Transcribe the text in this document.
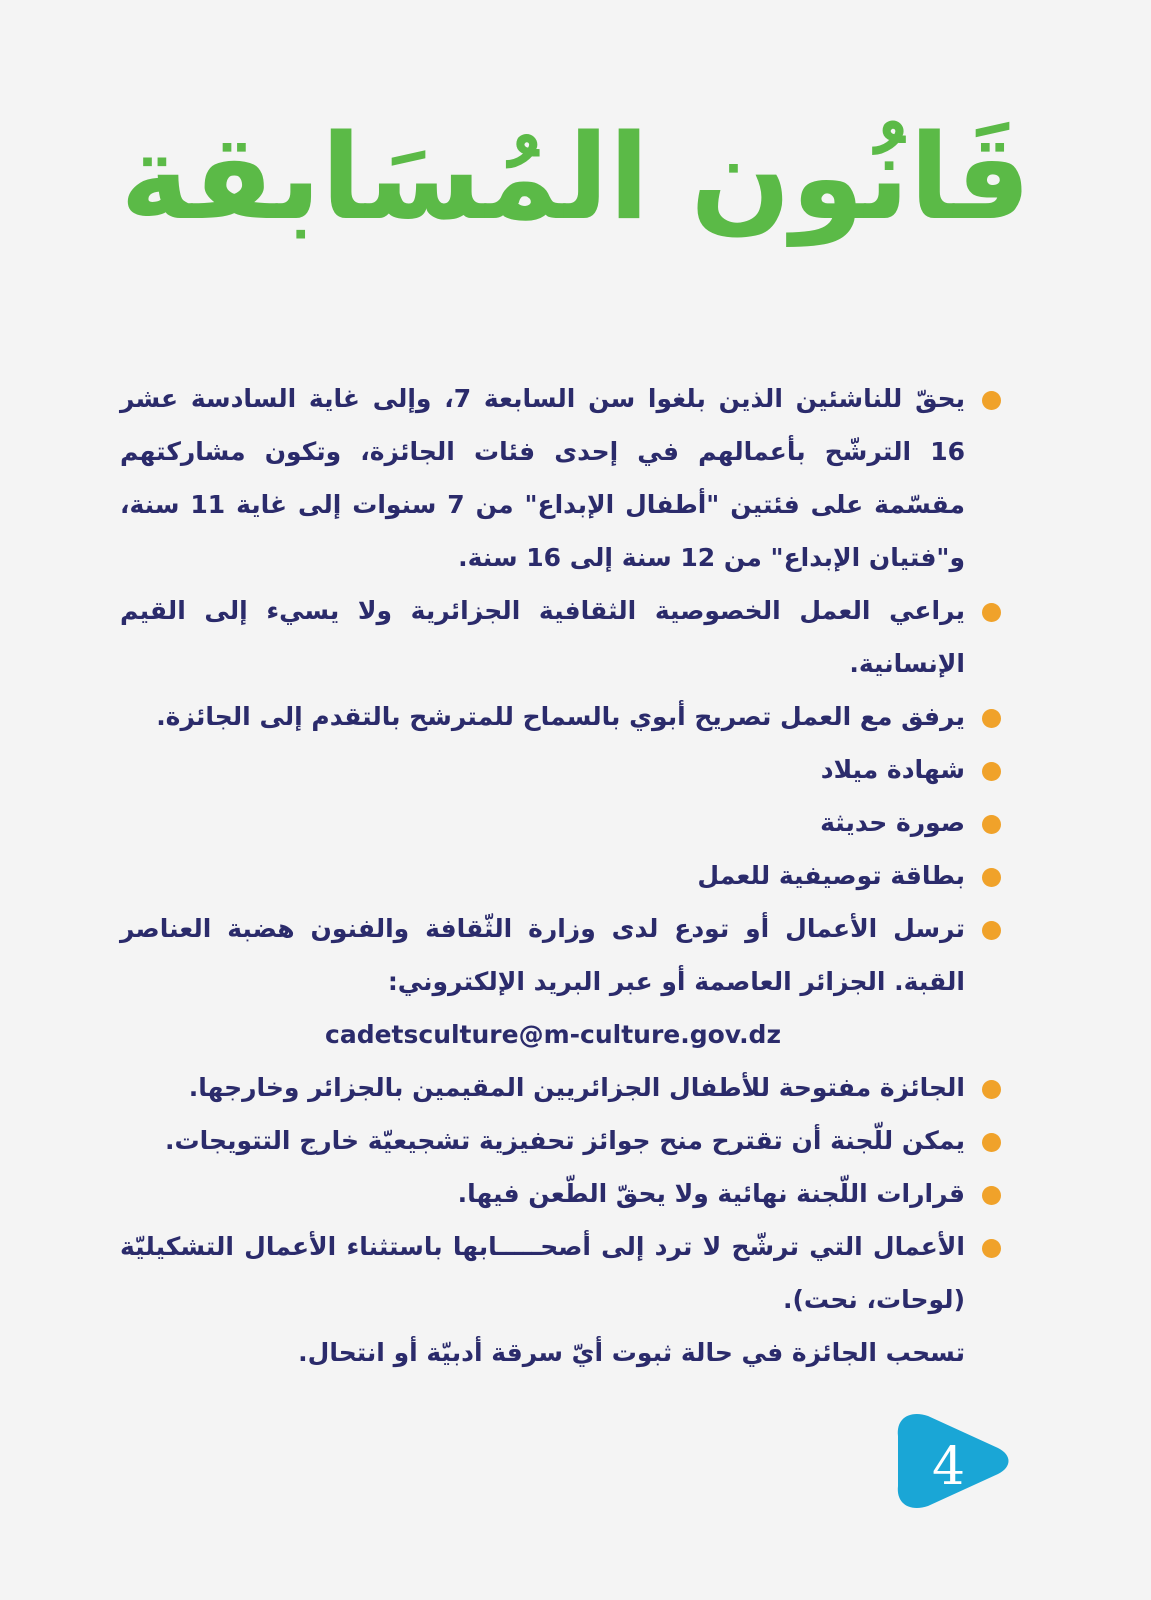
قَانُون المُسَابقة
يحقّ للناشئين الذين بلغوا سن السابعة 7، وإلى غاية السادسة عشر 16 الترشّح بأعمالهم في إحدى فئات الجائزة، وتكون مشاركتهم مقسّمة على فئتين "أطفال الإبداع" من 7 سنوات إلى غاية 11 سنة، و"فتيان الإبداع" من 12 سنة إلى 16 سنة.
يراعي العمل الخصوصية الثقافية الجزائرية ولا يسيء إلى القيم الإنسانية.
يرفق مع العمل تصريح أبوي بالسماح للمترشح بالتقدم إلى الجائزة.
شهادة ميلاد
صورة حديثة
بطاقة توصيفية للعمل
ترسل الأعمال أو تودع لدى وزارة الثّقافة والفنون هضبة العناصر القبة. الجزائر العاصمة أو عبر البريد الإلكتروني:
cadetsculture@m-culture.gov.dz
الجائزة مفتوحة للأطفال الجزائريين المقيمين بالجزائر وخارجها.
يمكن للّجنة أن تقترح منح جوائز تحفيزية تشجيعيّة خارج التتويجات.
قرارات اللّجنة نهائية ولا يحقّ الطّعن فيها.
الأعمال التي ترشّح لا ترد إلى أصحـــــابها باستثناء الأعمال التشكيليّة (لوحات، نحت).
تسحب الجائزة في حالة ثبوت أيّ سرقة أدبيّة أو انتحال.
4
